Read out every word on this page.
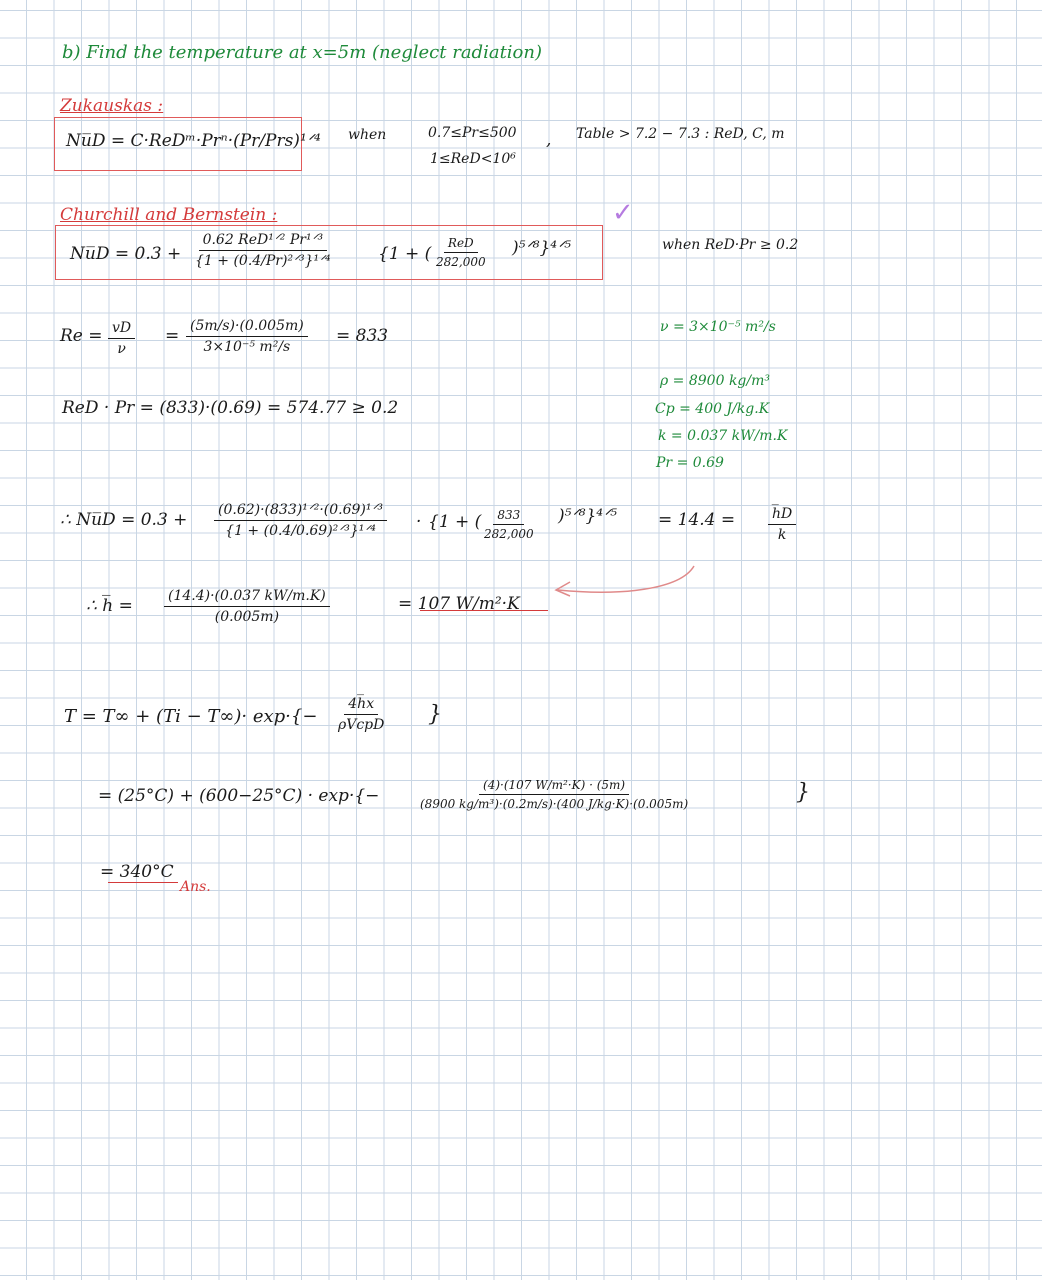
b) Find the temperature at x=5m (neglect radiation)
Zukauskas :
Nu̅D = C·ReDᵐ·Prⁿ·(Pr/Prs)¹ᐟ⁴ when	0.7≤Pr≤500
1≤ReD<10⁶
, Table > 7.2 − 7.3 : ReD, C, m
Churchill and Bernstein :	✓
Nu̅D = 0.3 +
0.62 ReD¹ᐟ² Pr¹ᐟ³
{1 + (0.4/Pr)²ᐟ³}¹ᐟ⁴	{1 + (
ReD
282,000
)⁵ᐟ⁸}⁴ᐟ⁵	when ReD·Pr ≥ 0.2
$Re = \frac{vD}{\nu} = \frac{(5m/s)\cdot(0.005m)}{\text{3×10⁻⁵ m²/s}} = 833$
ReD · Pr = (833)·(0.69) = 574.77 ≥ 0.2
ν = 3×10⁻⁵ m²/s
ρ = 8900 kg/m³
Cp = 400 J/kg.K
k = 0.037 kW/m.K
Pr = 0.69
∴ Nu̅D = 0.3 + (0.62)·(833)¹ᐟ²·(0.69)¹ᐟ³
{1 + (0.4/0.69)²ᐟ³}¹ᐟ⁴ · {1 + ( $\frac{833}{282,000}$ )⁵ᐟ⁸}⁴ᐟ⁵ = $14.4 = \frac{h̅D}{k}$
∴ h̅ = $\frac{(14.4)\cdot(0.037 kW/m.K)}{(0.005m)}$	= 107 W/m²·K
T = T∞ + (Ti − T∞)· exp·{−
4h̅x
ρVcpD }
= (25°C) + (600−25°C) · exp·{−	$\frac{\text{(4)·(107 W/m²·K) · (5m)}}{\text{(8900 kg/m³)·(0.2m/s)·(400 J/kg·K)·(0.005m)}}$	}
= 340°C
Ans.
